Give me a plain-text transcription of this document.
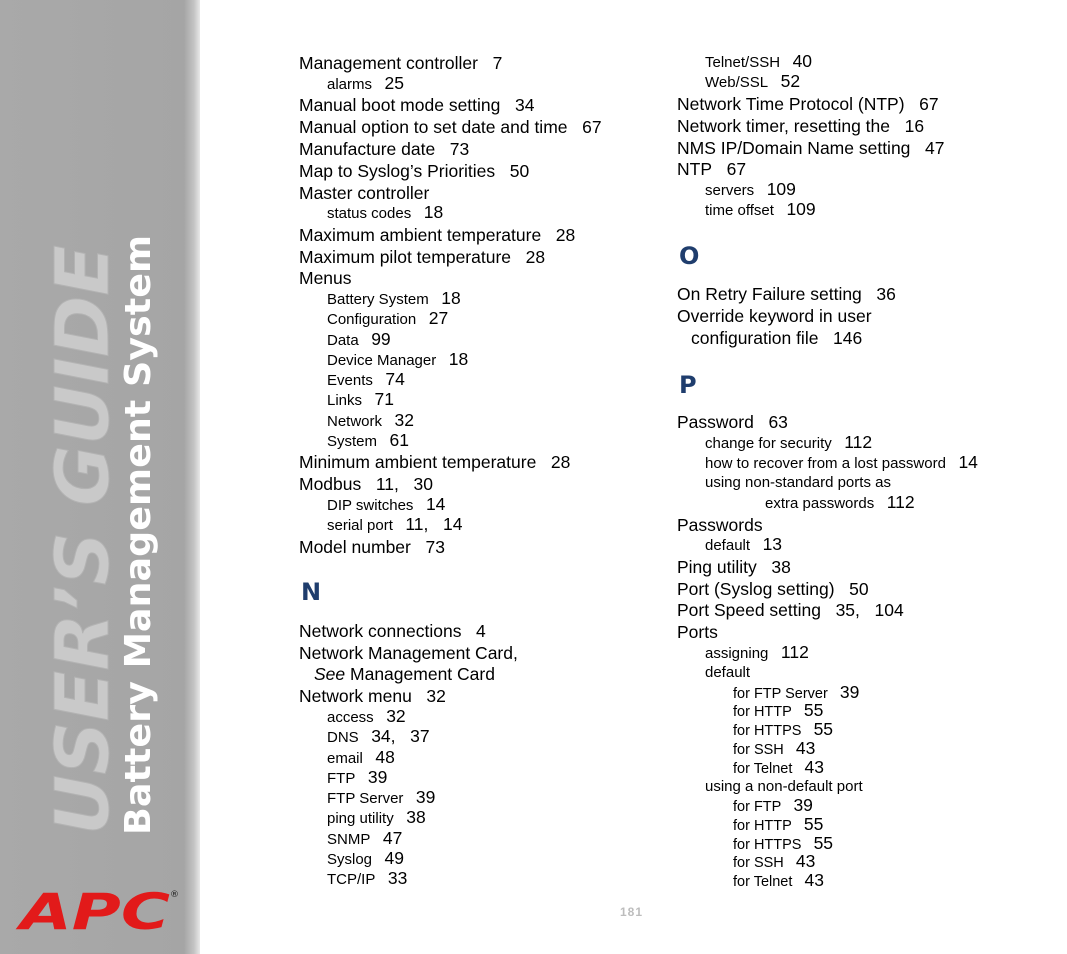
USER’S GUIDE
Battery Management System
APC ®
Management controller 7
alarms 25
Manual boot mode setting 34
Manual option to set date and time 67
Manufacture date 73
Map to Syslog’s Priorities 50
Master controller
status codes 18
Maximum ambient temperature 28
Maximum pilot temperature 28
Menus
Battery System 18
Configuration 27
Data 99
Device Manager 18
Events 74
Links 71
Network 32
System 61
Minimum ambient temperature 28
Modbus 11,   30
DIP switches 14
serial port 11,   14
Model number 73
N
Network connections 4
Network Management Card,
See Management Card
Network menu 32
access 32
DNS 34,   37
email 48
FTP 39
FTP Server 39
ping utility 38
SNMP 47
Syslog 49
TCP/IP 33
Telnet/SSH 40
Web/SSL 52
Network Time Protocol (NTP) 67
Network timer, resetting the 16
NMS IP/Domain Name setting 47
NTP 67
servers 109
time offset 109
O
On Retry Failure setting 36
Override keyword in user
configuration file 146
P
Password 63
change for security 112
how to recover from a lost password 14
using non-standard ports as
extra passwords 112
Passwords
default 13
Ping utility 38
Port (Syslog setting) 50
Port Speed setting 35,   104
Ports
assigning 112
default
for FTP Server 39
for HTTP 55
for HTTPS 55
for SSH 43
for Telnet 43
using a non-default port
for FTP 39
for HTTP 55
for HTTPS 55
for SSH 43
for Telnet 43
181
